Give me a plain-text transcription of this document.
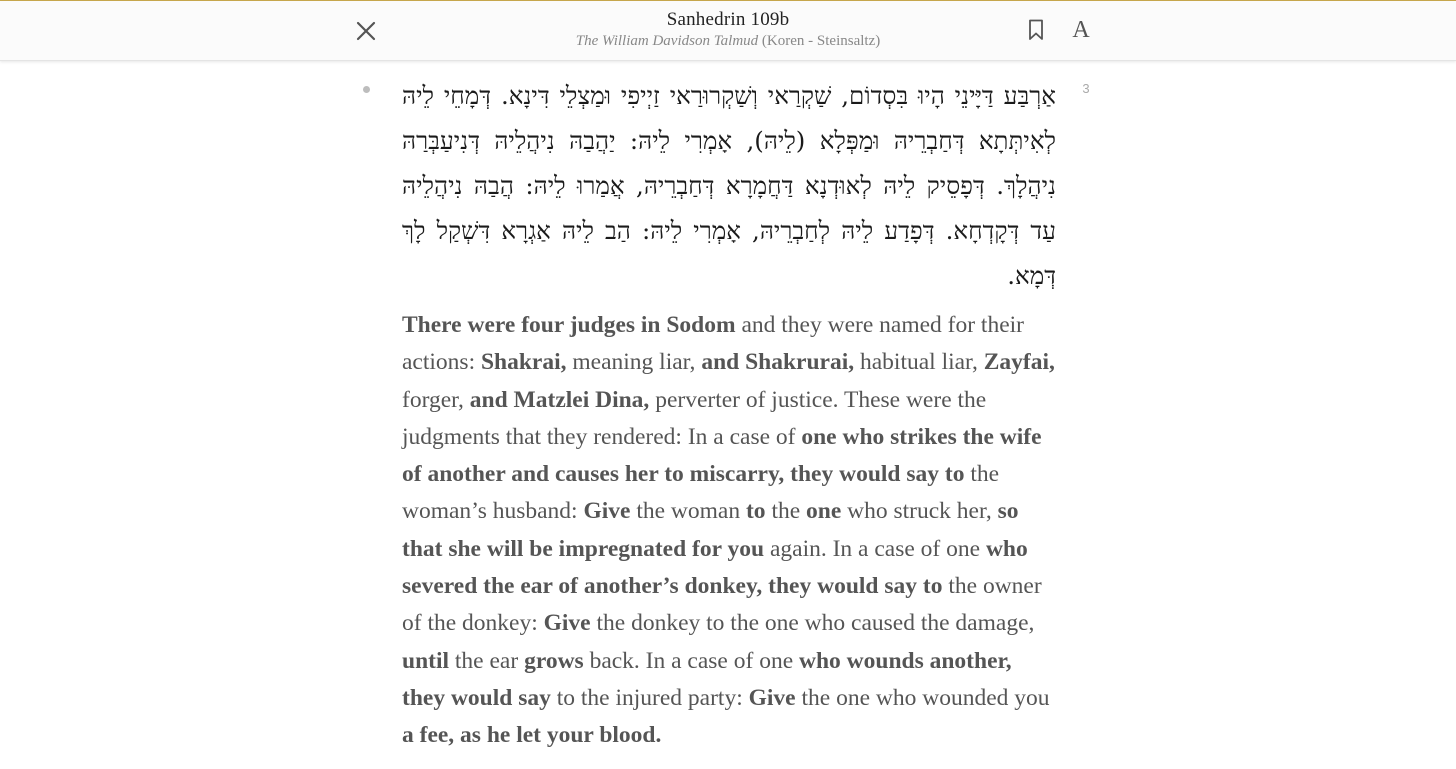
Sanhedrin 109b
The William Davidson Talmud (Koren - Steinsaltz)	A
3
אַרְבַּע דַּיָּינֵי הָיוּ בִּסְדוֹם, שַׁקְרַאי וְשַׁקְרוּרַאי זַיְיפִי וּמַצְלֵי דִּינָא. דְּמָחֵי לֵיהּ לְאִיתְּתָא דְּחַבְרֵיהּ וּמַפְּלָא (לֵיהּ), אָמְרִי לֵיהּ: יַהֲבַהּ נִיהֲלֵיהּ דְּנִיעַבְּרַהּ נִיהֲלָךְ. דְּפָסֵיק לֵיהּ לְאוּדְנָא דַּחֲמָרָא דְּחַבְרֵיהּ, אֲמַרוּ לֵיהּ: הֲבַהּ נִיהֲלֵיהּ עַד דְּקָדְחָא. דְּפָדַע לֵיהּ לְחַבְרֵיהּ, אָמְרִי לֵיהּ: הַב לֵיהּ אַגְרָא דִּשְׁקַל לָךְ דְּמָא.
There were four judges in Sodom and they were named for their actions: Shakrai, meaning liar, and Shakrurai, habitual liar, Zayfai, forger, and Matzlei Dina, perverter of justice. These were the judgments that they rendered: In a case of one who strikes the wife of another and causes her to miscarry, they would say to the woman’s husband: Give the woman to the one who struck her, so that she will be impregnated for you again. In a case of one who severed the ear of another’s donkey, they would say to the owner of the donkey: Give the donkey to the one who caused the damage, until the ear grows back. In a case of one who wounds another, they would say to the injured party: Give the one who wounded you a fee, as he let your blood.
